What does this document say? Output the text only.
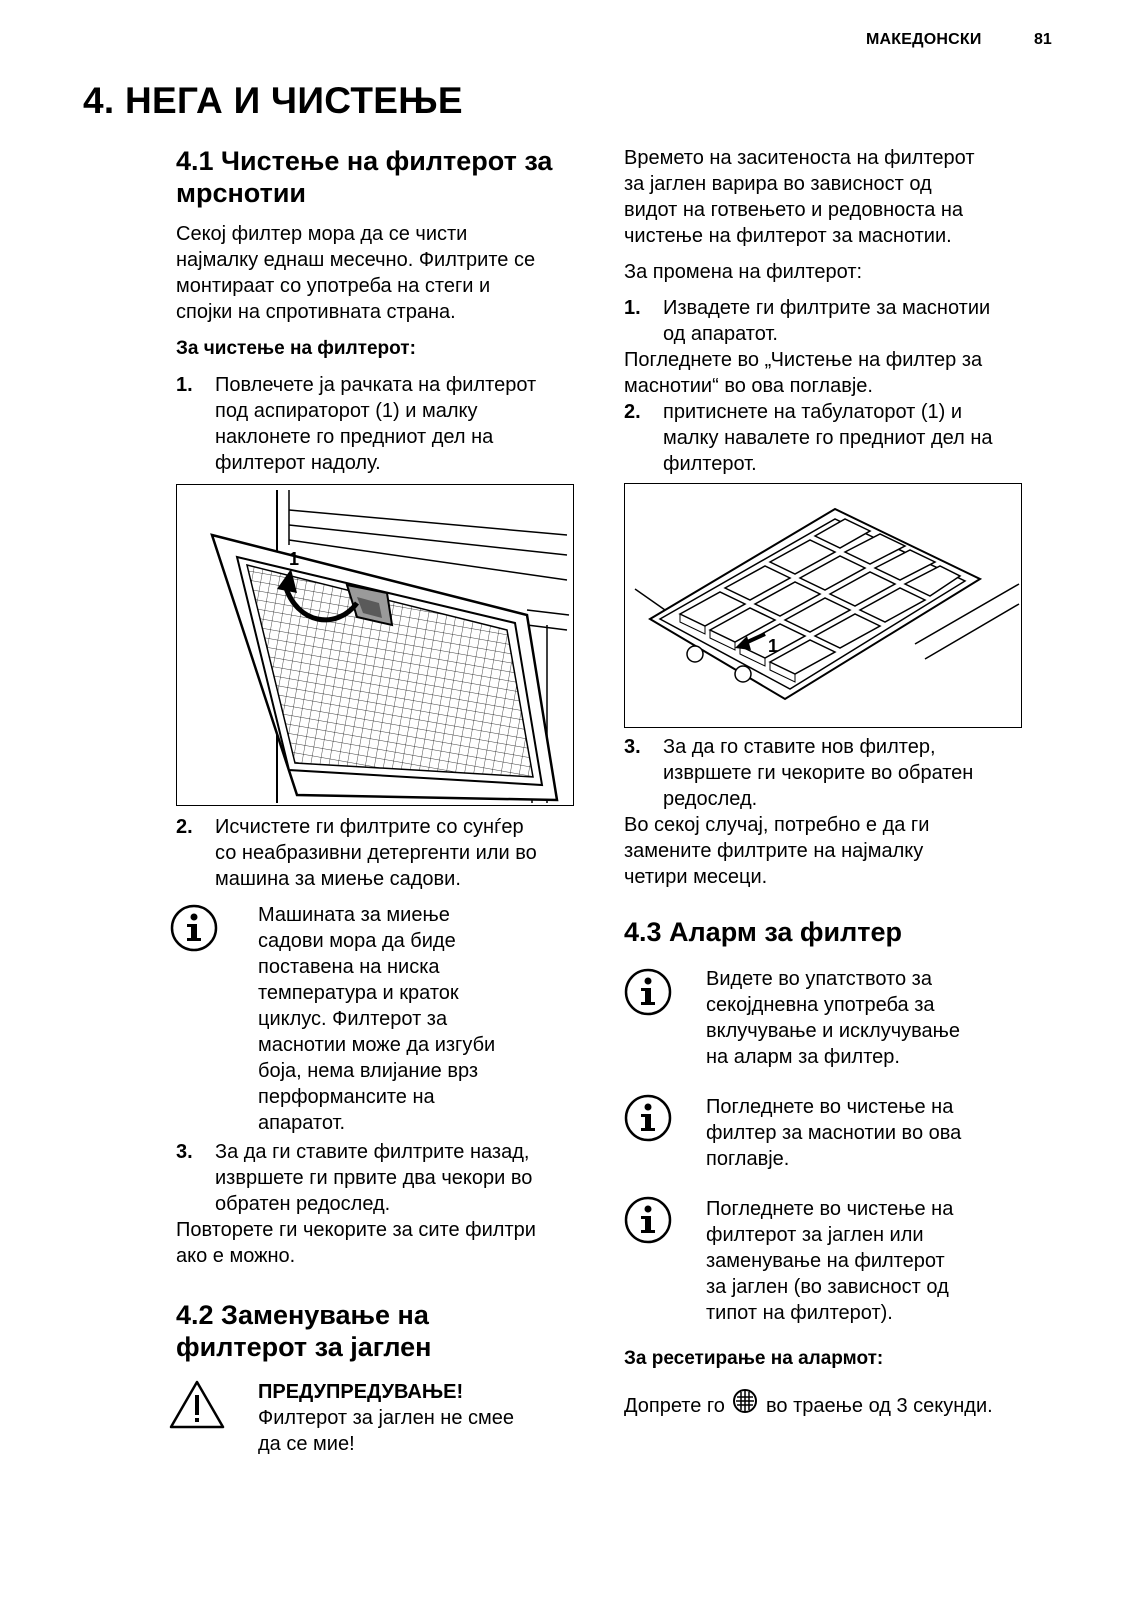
МАКЕДОНСКИ	81
4. НЕГА И ЧИСТЕЊЕ
4.1 Чистење на филтерот за
мрснотии

Секој филтер мора да се чисти

најмалку еднаш месечно. Филтрите се

монтираат со употреба на стеги и

спојки на спротивната страна.

За чистење на филтерот:
1.	Повлечете ја рачката на филтерот

под аспираторот (1) и малку

наклонете го предниот дел на

филтерот надолу.

1
2.	Исчистете ги филтрите со сунѓер

со неабразивни детергенти или во

машина за миење садови.

Машината за миење

садови мора да биде

поставена на ниска

температура и краток

циклус. Филтерот за

маснотии може да изгуби

боја, нема влијание врз

перформансите на

апаратот.

3.	За да ги ставите филтрите назад,

извршете ги првите два чекори во

обратен редослед.

Повторете ги чекорите за сите филтри

ако е можно.

4.2 Заменување на
филтерот за јаглен

ПРЕДУПРЕДУВАЊЕ!

Филтерот за јаглен не смее

да се мие!

Времето на заситеноста на филтерот

за јаглен варира во зависност од

видот на готвењето и редовноста на

чистење на филтерот за маснотии.

За промена на филтерот:

1.	Извадете ги филтрите за маснотии

од апаратот.

Погледнете во „Чистење на филтер за

маснотии“ во ова поглавје.

2.	притиснете на табулаторот (1) и

малку навалете го предниот дел на

филтерот.

1
3.	За да го ставите нов филтер,

извршете ги чекорите во обратен

редослед.

Во секој случај, потребно е да ги

замените филтрите на најмалку

четири месеци.

4.3 Аларм за филтер

Видете во упатството за

секојдневна употреба за

вклучување и исклучување

на аларм за филтер.

Погледнете во чистење на

филтер за маснотии во ова

поглавје.

Погледнете во чистење на

филтерот за јаглен или

заменување на филтерот

за јаглен (во зависност од

типот на филтерот).

За ресетирање на алармот:

Допрете го во траење од 3 секунди.
